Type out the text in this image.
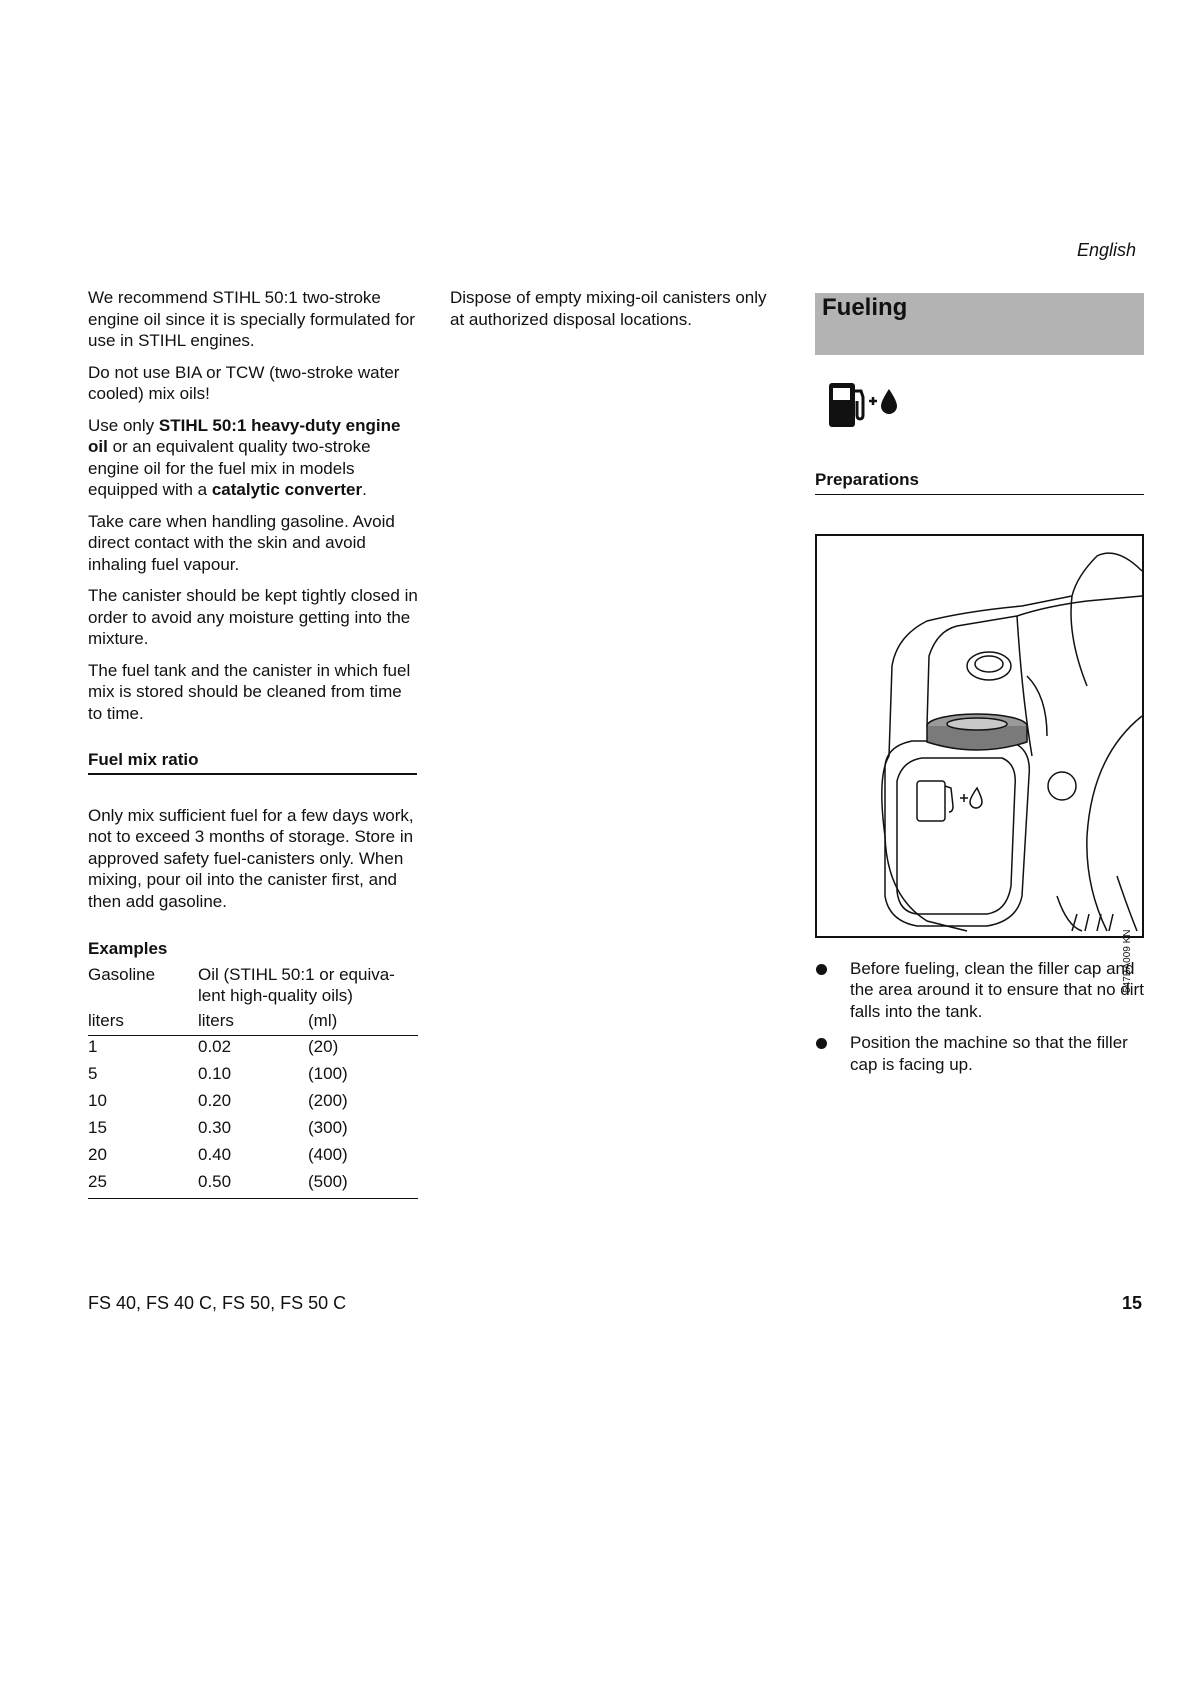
English

We recommend STIHL 50:1 two-stroke engine oil since it is specially formulated for use in STIHL engines.

Do not use BIA or TCW (two-stroke water cooled) mix oils!

Use only STIHL 50:1 heavy-duty engine oil or an equivalent quality two-stroke engine oil for the fuel mix in models equipped with a catalytic converter.

Take care when handling gasoline. Avoid direct contact with the skin and avoid inhaling fuel vapour.

The canister should be kept tightly closed in order to avoid any moisture getting into the mixture.

The fuel tank and the canister in which fuel mix is stored should be cleaned from time to time.

Fuel mix ratio

Only mix sufficient fuel for a few days work, not to exceed 3 months of storage. Store in approved safety fuel-canisters only. When mixing, pour oil into the canister first, and then add gasoline.

Examples
Gasoline	Oil (STIHL 50:1 or equiva-lent high-quality oils)	
liters	liters	(ml)
1	0.02	(20)
5	0.10	(100)
10	0.20	(200)
15	0.30	(300)
20	0.40	(400)
25	0.50	(500)

Dispose of empty mixing-oil canisters only at authorized disposal locations.	Fueling
Preparations
547BA009 KN
Before fueling, clean the filler cap and the area around it to ensure that no dirt falls into the tank.
Position the machine so that the filler cap is facing up.
FS 40, FS 40 C, FS 50, FS 50 C	15
